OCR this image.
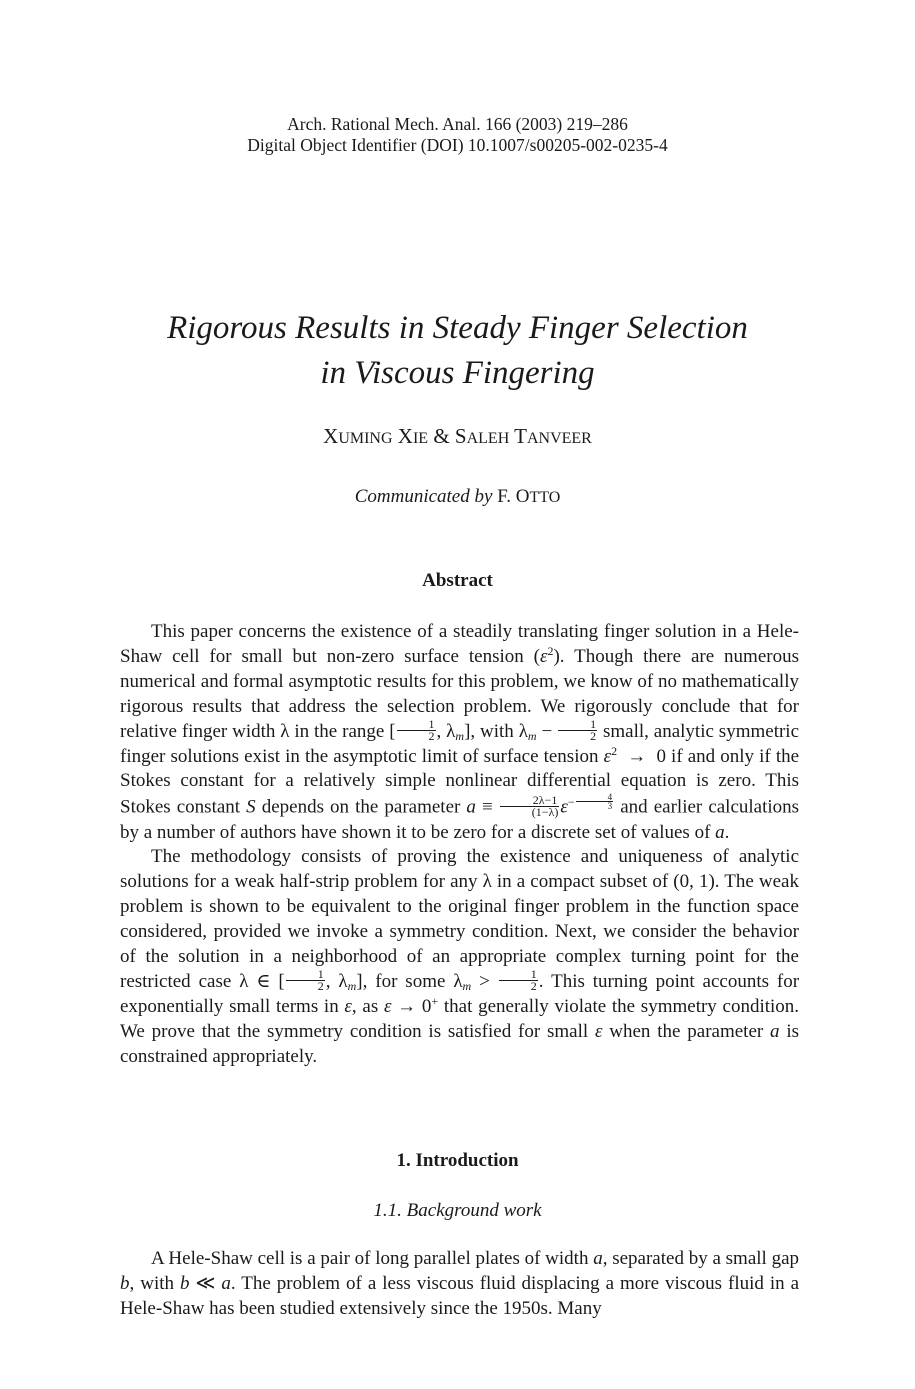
Arch. Rational Mech. Anal. 166 (2003) 219–286
Digital Object Identifier (DOI) 10.1007/s00205-002-0235-4
Rigorous Results in Steady Finger Selection
in Viscous Fingering
XUMING XIE & SALEH TANVEER
Communicated by F. OTTO
Abstract

This paper concerns the existence of a steadily translating finger solution in a Hele-Shaw cell for small but non-zero surface tension $(\varepsilon^2)$. Though there are numerous numerical and formal asymptotic results for this problem, we know of no mathematically rigorous results that address the selection problem. We rigorously conclude that for relative finger width λ in the range [ $\frac{1}{2}$ , $\lambda_m$], with $\lambda_m - \frac{1}{2}$ small, analytic symmetric finger solutions exist in the asymptotic limit of surface tension $\varepsilon^2 \to 0$ if and only if the Stokes constant for a relatively simple nonlinear differential equation is zero. This Stokes constant S depends on the parameter $a \equiv \frac{2\lambda-1}{(1-\lambda)} \varepsilon^{- \frac{4}{3}}$ and earlier calculations by a number of authors have shown it to be zero for a discrete set of values of a.

The methodology consists of proving the existence and uniqueness of analytic solutions for a weak half-strip problem for any λ in a compact subset of (0, 1). The weak problem is shown to be equivalent to the original finger problem in the function space considered, provided we invoke a symmetry condition. Next, we consider the behavior of the solution in a neighborhood of an appropriate complex turning point for the restricted case λ ∈ [ $\frac{1}{2}$ , $\lambda_m$], for some $\lambda_m > \frac{1}{2}$ . This turning point accounts for exponentially small terms in ε, as ε → 0+ that generally violate the symmetry condition. We prove that the symmetry condition is satisfied for small ε when the parameter a is constrained appropriately.

1. Introduction
1.1. Background work

A Hele-Shaw cell is a pair of long parallel plates of width a, separated by a small gap b, with b ≪ a. The problem of a less viscous fluid displacing a more viscous fluid in a Hele-Shaw has been studied extensively since the 1950s. Many
